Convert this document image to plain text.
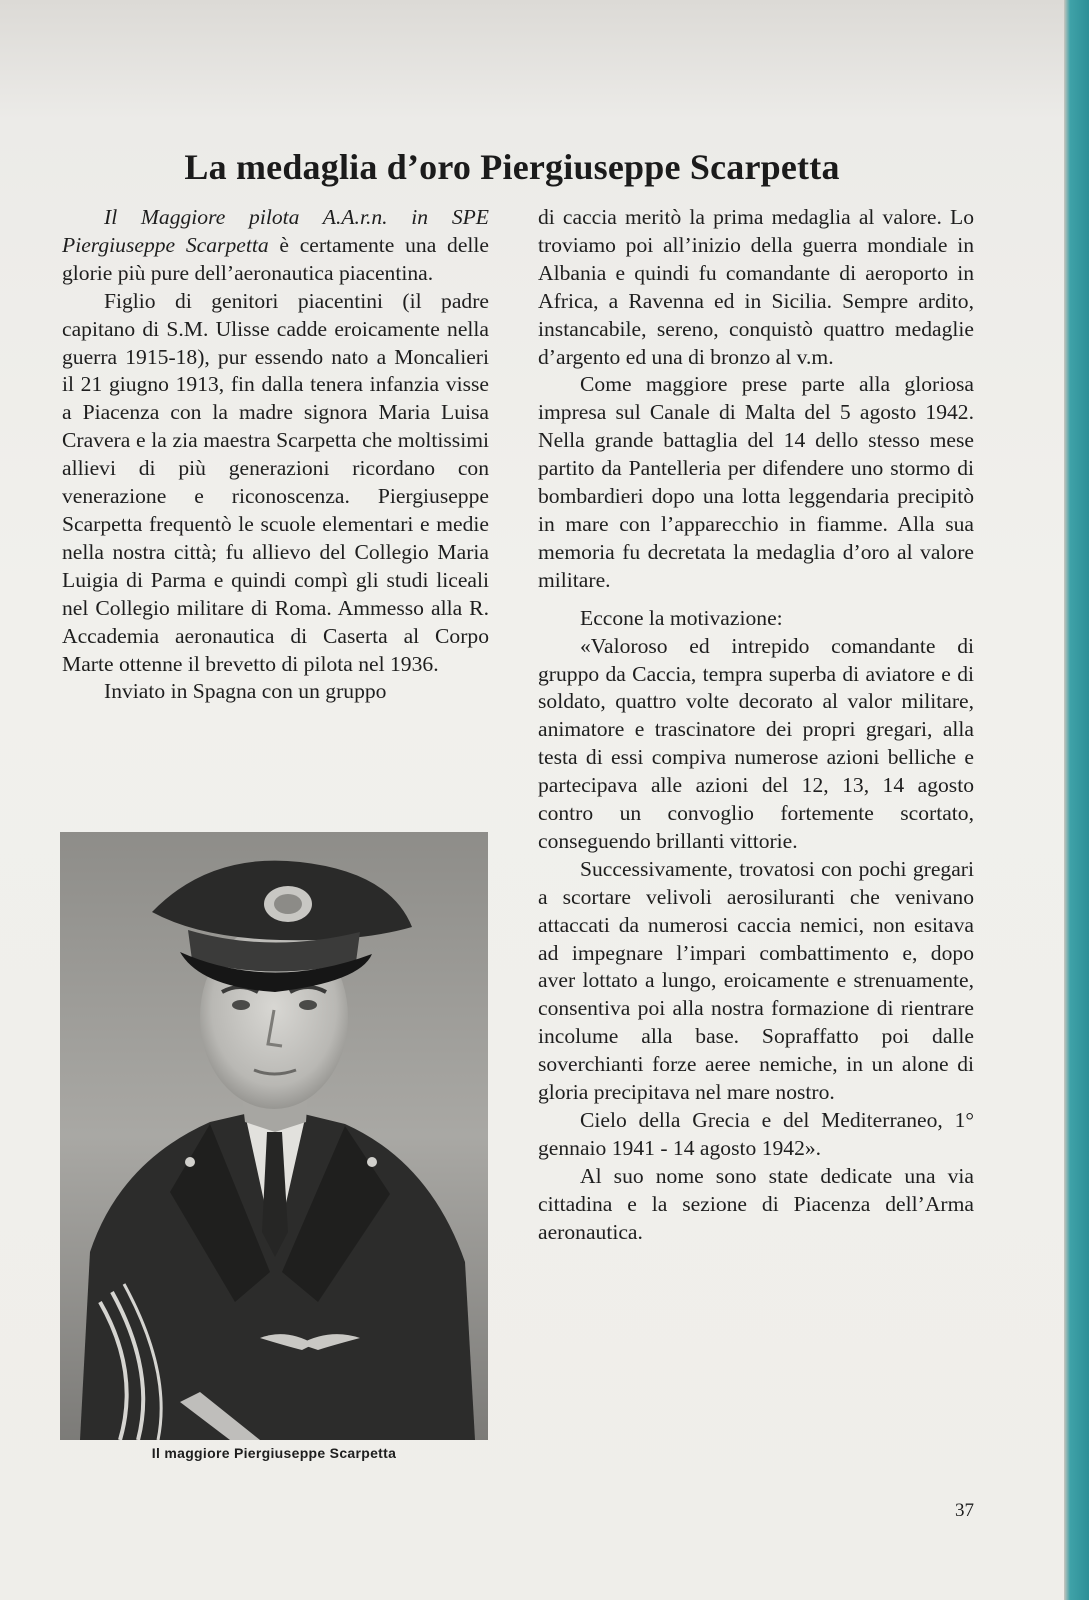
La medaglia d’oro Piergiuseppe Scarpetta

Il Maggiore pilota A.A.r.n. in SPE Piergiuseppe Scarpetta è certamente una delle glorie più pure dell’aeronautica piacentina.

Figlio di genitori piacentini (il padre capitano di S.M. Ulisse cadde eroicamente nella guerra 1915-18), pur essendo nato a Moncalieri il 21 giugno 1913, fin dalla tenera infanzia visse a Piacenza con la madre signora Maria Luisa Cravera e la zia maestra Scarpetta che moltissimi allievi di più generazioni ricordano con venerazione e riconoscenza. Piergiuseppe Scarpetta frequentò le scuole elementari e medie nella nostra città; fu allievo del Collegio Maria Luigia di Parma e quindi compì gli studi liceali nel Collegio militare di Roma. Ammesso alla R. Accademia aeronautica di Caserta al Corpo Marte ottenne il brevetto di pilota nel 1936.

Inviato in Spagna con un gruppo

Il maggiore Piergiuseppe Scarpetta

di caccia meritò la prima medaglia al valore. Lo troviamo poi all’inizio della guerra mondiale in Albania e quindi fu comandante di aeroporto in Africa, a Ravenna ed in Sicilia. Sempre ardito, instancabile, sereno, conquistò quattro medaglie d’argento ed una di bronzo al v.m.

Come maggiore prese parte alla gloriosa impresa sul Canale di Malta del 5 agosto 1942. Nella grande battaglia del 14 dello stesso mese partito da Pantelleria per difendere uno stormo di bombardieri dopo una lotta leggendaria precipitò in mare con l’apparecchio in fiamme. Alla sua memoria fu decretata la medaglia d’oro al valore militare.

Eccone la motivazione:

«Valoroso ed intrepido comandante di gruppo da Caccia, tempra superba di aviatore e di soldato, quattro volte decorato al valor militare, animatore e trascinatore dei propri gregari, alla testa di essi compiva numerose azioni belliche e partecipava alle azioni del 12, 13, 14 agosto contro un convoglio fortemente scortato, conseguendo brillanti vittorie.

Successivamente, trovatosi con pochi gregari a scortare velivoli aerosiluranti che venivano attaccati da numerosi caccia nemici, non esitava ad impegnare l’impari combattimento e, dopo aver lottato a lungo, eroicamente e strenuamente, consentiva poi alla nostra formazione di rientrare incolume alla base. Sopraffatto poi dalle soverchianti forze aeree nemiche, in un alone di gloria precipitava nel mare nostro.

Cielo della Grecia e del Mediterraneo, 1° gennaio 1941 - 14 agosto 1942».

Al suo nome sono state dedicate una via cittadina e la sezione di Piacenza dell’Arma aeronautica.

37
